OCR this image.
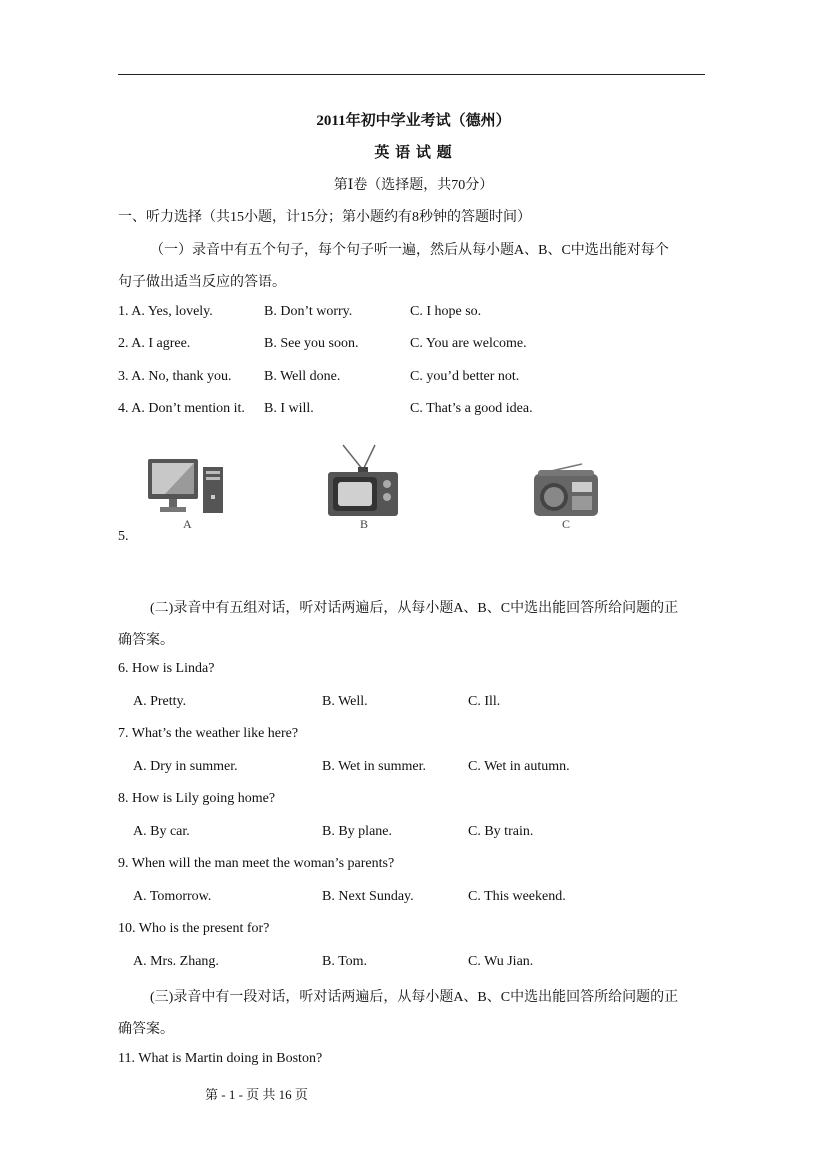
2011年初中学业考试（德州）
英 语 试 题
第Ⅰ卷（选择题，共70分）
一、听力选择（共15小题，计15分；第小题约有8秒钟的答题时间）
（一）录音中有五个句子，每个句子听一遍，然后从每小题A、B、C中选出能对每个
句子做出适当反应的答语。
1. A. Yes, lovely.	B. Don’t worry.	C. I hope so.
2. A. I agree.	B. See you soon.	C. You are welcome.
3. A. No, thank you. B. Well done.	C. you’d better not.
4. A. Don’t mention it. B. I will.	C. That’s a good idea.
5.
A	B	C
(二)录音中有五组对话，听对话两遍后，从每小题A、B、C中选出能回答所给问题的正
确答案。
6. How is Linda?
A. Pretty.	B. Well.	C. Ill.
7. What’s the weather like here?
A. Dry in summer.	B. Wet in summer.	C. Wet in autumn.
8. How is Lily going home?
A. By car.	B. By plane.	C. By train.
9. When will the man meet the woman’s parents?
A. Tomorrow.	B. Next Sunday.	C. This weekend.
10. Who is the present for?
A. Mrs. Zhang.	B. Tom.	C. Wu Jian.
(三)录音中有一段对话，听对话两遍后，从每小题A、B、C中选出能回答所给问题的正
确答案。
11. What is Martin doing in Boston?
第 - 1 - 页 共 16 页
